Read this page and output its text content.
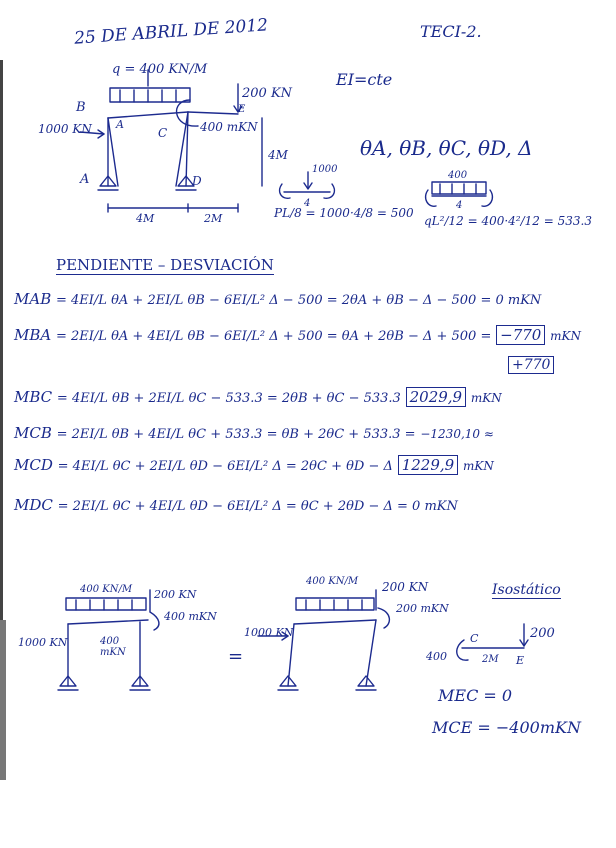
25 DE ABRIL DE 2012	TECI-2.
q = 400 KN/M
200 KN
400 mKN
4M
1000 KN
B
A
A
C
D
E
4M	2M
EI=cte
θA, θB, θC, θD, Δ
1000
4
PL/8 = 1000·4/8 = 500
400
4
qL²/12 = 400·4²/12 = 533.3
PENDIENTE – DESVIACIÓN
MAB = 4EI/L θA + 2EI/L θB − 6EI/L² Δ − 500 = 2θA + θB − Δ − 500 = 0 mKN
MBA = 2EI/L θA + 4EI/L θB − 6EI/L² Δ + 500 = θA + 2θB − Δ + 500 = −770 mKN
MBC = 4EI/L θB + 2EI/L θC − 533.3 = 2θB + θC − 533.3 2029,9 mKN
MCB = 2EI/L θB + 4EI/L θC + 533.3 = θB + 2θC + 533.3 = −1230,10 ≈
MCD = 4EI/L θC + 2EI/L θD − 6EI/L² Δ = 2θC + θD − Δ 1229,9 mKN
MDC = 2EI/L θC + 4EI/L θD − 6EI/L² Δ = θC + 2θD − Δ = 0 mKN
+770
400 KN/M 200 KN
400 mKN
1000 KN	400 mKN	=
400 KN/M 200 KN
200 mKN
1000 KN
Isostático
C	200
400	2M E
MEC = 0
MCE = −400mKN
